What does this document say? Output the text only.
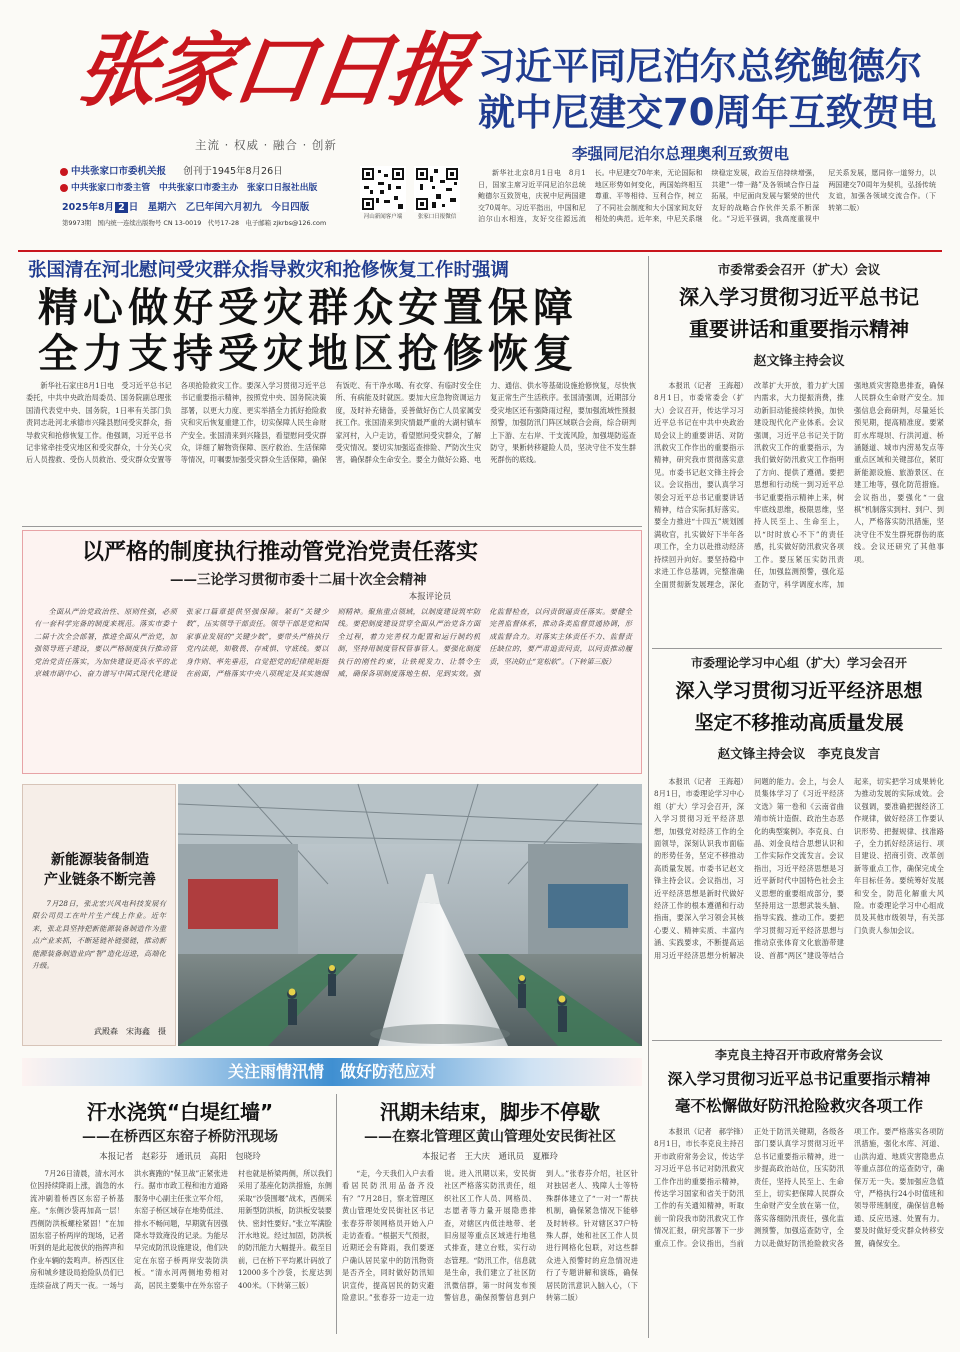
张家口日报
主流 · 权威 · 融合 · 创新
中共张家口市委机关报 创刊于1945年8月26日
中共张家口市委主管　中共张家口市委主办　张家口日报社出版
2025年8月 2 日　星期六　乙巳年闰六月初九　今日四版
第9973期　国内统一连续出版物号 CN 13-0019　代号17-28　电子邮箱 zjkrbs@126.com
河山新闻客户端	张家口日报微信
习近平同尼泊尔总统鲍德尔
就中尼建交70周年互致贺电
李强同尼泊尔总理奥利互致贺电

新华社北京8月1日电　8月1日，国家主席习近平同尼泊尔总统鲍德尔互致贺电，庆祝中尼两国建交70周年。习近平指出，中国和尼泊尔山水相连，友好交往源远流长。中尼建交70年来，无论国际和地区形势如何变化，两国始终相互尊重、平等相待、互利合作，树立了不同社会制度和大小国家间友好相处的典范。近年来，中尼关系继续稳定发展，政治互信持续增强，共建“一带一路”及各领域合作日益拓展，中尼面向发展与繁荣的世代友好的战略合作伙伴关系不断深化。“习近平强调，我高度重视中尼关系发展，愿同你一道努力，以两国建交70周年为契机，弘扬传统友谊，加强各领域交流合作。（下转第二版）

张国清在河北慰问受灾群众指导救灾和抢修恢复工作时强调
精心做好受灾群众安置保障
全力支持受灾地区抢修恢复

新华社石家庄8月1日电　受习近平总书记委托，中共中央政治局委员、国务院副总理张国清代表党中央、国务院，1日率有关部门负责同志赴河北承德市兴隆县慰问受灾群众，指导救灾和抢修恢复工作。他强调，习近平总书记非常牵挂受灾地区和受灾群众，十分关心灾后人员搜救、受伤人员救治、受灾群众安置等各项抢险救灾工作。要深入学习贯彻习近平总书记重要指示精神，按照党中央、国务院决策部署，以更大力度、更实举措全力抓好抢险救灾和灾后恢复重建工作，切实保障人民生命财产安全。张国清来到兴隆县，看望慰问受灾群众，详细了解物资保障、医疗救治、生活保障等情况，叮嘱要加强受灾群众生活保障，确保有饭吃、有干净水喝、有衣穿、有临时安全住所、有病能及时就医。要加大应急物资调运力度，及时补充储备，妥善做好伤亡人员家属安抚工作。张国清来到灾情最严重的大湖村镇车家河村，入户走访，看望慰问受灾群众，了解受灾情况。要切实加强巡查排险、严防次生灾害，确保群众生命安全。要全力做好公路、电力、通信、供水等基础设施抢修恢复，尽快恢复正常生产生活秩序。张国清强调，近期部分受灾地区还有强降雨过程，要加强流域性预报预警，加强防汛门阵区域联合会商，综合研判上下游、左右岸、干支流风险，加强堤防巡查防守，果断转移避险人员，坚决守住不发生群死群伤的底线。

以严格的制度执行推动管党治党责任落实
——三论学习贯彻市委十二届十次全会精神
本报评论员

全面从严治党政治性、原则性强，必须有一套科学完备的制度来规范。落实市委十二届十次全会部署，推进全面从严治党，加强领导班子建设，要以严格制度执行推动管党治党责任落实，为加快建设更高水平的北京城市副中心、奋力谱写中国式现代化建设张家口篇章提供坚强保障。紧盯“关键少数”，压实领导干部责任。领导干部是党和国家事业发展的“关键少数”，要带头严格执行党内法规，知敬畏、存戒惧、守底线。要以身作则、率先垂范，自觉把党的纪律规矩挺在前面，严格落实中央八项规定及其实施细则精神。聚焦重点领域，以制度建设筑牢防线。要把制度建设贯穿全面从严治党各方面全过程，着力完善权力配置和运行制约机制，坚持用制度管权管事管人。要强化制度执行的刚性约束，让铁规发力、让禁令生威，确保各项制度落地生根、见到实效。强化监督检查，以问责倒逼责任落实。要健全完善监督体系，推动各类监督贯通协调，形成监督合力。对落实主体责任不力、监督责任缺位的，要严肃追责问责，以问责推动履责，坚决防止“宽松软”。（下转第三版）

新能源装备制造
产业链条不断完善

7月28日，张北宏兴风电科技发展有限公司员工在叶片生产线上作业。近年来，张北县坚持把新能源装备制造作为重点产业来抓，不断延链补链强链，推动新能源装备制造业向“智”造化迈进，高端化升级。

武殿森　宋海鑫　摄
关注雨情汛情　做好防范应对
汗水浇筑“白堤红墙”
——在桥西区东窑子桥防汛现场
本报记者　赵彩芬　通讯员　高阳　包晓玲

7月26日清晨，清水河水位因持续降雨上涨，湍急的水流冲刷着桥西区东窑子桥基座。“东侧沙袋再加高一层！西侧防洪板螺栓紧固！”在加固东窑子桥两岸的现场，记者听到的是此起彼伏的指挥声和作业车辆的轰鸣声。桥西区住房和城乡建设局抢险队员们已连续奋战了两天一夜。一场与洪水赛跑的“保卫战”正紧张进行。据市市政工程和池方道路服务中心副主任张立军介绍，东窑子桥区域存在地势低洼、排水不畅问题，早期就有因强降水导致淹没的记录。为能尽早完成防汛设施建设，他们决定在东窑子桥两岸安装防洪板。“清水河两侧地势相对高，居民主要集中在外东窑子村也就是桥梁两侧，所以我们采用了基座化防洪措施，东侧采取“沙袋围堰”战术，西侧采用新型防洪板，防洪板安装要快、密封性要好。”张立军满脸汗水地说。经过加固，防洪板的防汛能力大幅提升。截至目前，已在桥下平均累计码放了12000多个沙袋，长度达到400米。（下转第三版）

汛期未结束，脚步不停歇
——在察北管理区黄山管理处安民街社区
本报记者　王大庆　通讯员　夏雁玲

“走，今天我们入户去看看居民防汛用品备齐没有？”7月28日，察北管理区黄山管理处安民街社区书记张春芬带领网格员开始入户走访查看。“根据天气预报，近期还会有降雨，我们要逐户确认居民家中的防汛物资是否齐全，同时做好防汛知识宣传，提高居民的防灾避险意识。”张春芬一边走一边说。进入汛期以来，安民街社区严格落实防汛责任，组织社区工作人员、网格员、志愿者等力量开展隐患排查，对辖区内低洼地带、老旧房屋等重点区域进行地毯式排查，建立台账，实行动态管理。“防汛工作，信息就是生命，我们建立了社区防汛微信群，第一时间发布预警信息，确保预警信息到户到人。”张春芬介绍，社区针对独居老人、残障人士等特殊群体建立了“一对一”帮扶机制，确保紧急情况下能够及时转移。针对辖区37户特殊人群，她和社区工作人员进行网格化包联，对这些群众进入预警时的应急情况进行了专题讲解和演练，确保居民防汛意识入脑入心，（下转第二版）

市委常委会召开（扩大）会议
深入学习贯彻习近平总书记
重要讲话和重要指示精神
赵文锋主持会议

本报讯（记者　王海超）8月1日，市委常委会（扩大）会议召开，传达学习习近平总书记在中共中央政治局会议上的重要讲话、对防汛救灾工作作出的重要指示精神，研究我市贯彻落实意见。市委书记赵文锋主持会议。会议指出，要认真学习领会习近平总书记重要讲话精神，结合实际抓好落实。要全力推进“十四五”规划圆满收官，扎实做好下半年各项工作，全力以赴推动经济持续回升向好。要坚持稳中求进工作总基调，完整准确全面贯彻新发展理念，深化改革扩大开放，着力扩大国内需求，大力提振消费，推动新旧动能接续转换，加快建设现代化产业体系。会议强调，习近平总书记关于防汛救灾工作的重要指示，为我们做好防汛救灾工作指明了方向、提供了遵循。要把思想和行动统一到习近平总书记重要指示精神上来，树牢底线思维，极限思维，坚持人民至上、生命至上，以“时时放心不下”的责任感，扎实做好防汛救灾各项工作。要压紧压实防汛责任，加强监测预警，强化巡查防守，科学调度水库，加强地质灾害隐患排查，确保人民群众生命财产安全。加强信息会商研判，尽量延长预见期，提高精准度。要紧盯水库堤坝、行洪河道、桥涵隧道、城市内涝易发点等重点区域和关键部位，紧盯新能源设施、旅游景区、在建工地等，强化防范措施。会议指出，要强化“一盘棋”机制落实到村、到户、到人，严格落实防汛措施，坚决守住不发生群死群伤的底线。会议还研究了其他事项。

市委理论学习中心组（扩大）学习会召开
深入学习贯彻习近平经济思想
坚定不移推动高质量发展
赵文锋主持会议　李克良发言

本报讯（记者　王海超）8月1日，市委理论学习中心组（扩大）学习会召开，深入学习贯彻习近平经济思想，加强党对经济工作的全面领导，深刻认识我市面临的形势任务，坚定不移推动高质量发展。市委书记赵文锋主持会议。会议指出，习近平经济思想是新时代做好经济工作的根本遵循和行动指南，要深入学习领会其核心要义、精神实质、丰富内涵、实践要求，不断提高运用习近平经济思想分析解决问题的能力。会上，与会人员集体学习了《习近平经济文选》第一卷和《云南省曲靖市统计造假、政治生态恶化的典型案例》。李克良、白晶、刘金良结合思想认识和工作实际作交流发言。会议指出，习近平经济思想是习近平新时代中国特色社会主义思想的重要组成部分，要坚持用这一思想武装头脑、指导实践、推动工作。要把学习贯彻习近平经济思想与推动京张体育文化旅游带建设、首都“两区”建设等结合起来，切实把学习成果转化为推动发展的实际成效。会议强调，要准确把握经济工作规律，做好经济工作要认识形势、把握规律、找准路子，全力抓好经济运行、项目建设、招商引资、改革创新等重点工作，确保完成全年目标任务。要统筹好发展和安全，防范化解重大风险。市委理论学习中心组成员及其他市级领导，有关部门负责人参加会议。

李克良主持召开市政府常务会议
深入学习贯彻习近平总书记重要指示精神
毫不松懈做好防汛抢险救灾各项工作

本报讯（记者　郝学锋）8月1日，市长李克良主持召开市政府常务会议，传达学习习近平总书记对防汛救灾工作作出的重要指示精神，传达学习国家和省关于防汛工作的有关通知精神，听取前一阶段我市防汛救灾工作情况汇报，研究部署下一步重点工作。会议指出，当前正处于防汛关键期，各级各部门要认真学习贯彻习近平总书记重要指示精神，进一步提高政治站位，压实防汛责任，坚持人民至上、生命至上，切实把保障人民群众生命财产安全放在第一位，落实落细防汛责任，强化监测预警，加强巡查防守，全力以赴做好防汛抢险救灾各项工作。要严格落实各项防汛措施，强化水库、河道、山洪沟道、地质灾害隐患点等重点部位的巡查防守，确保万无一失。要加强应急值守，严格执行24小时值班和领导带班制度，确保信息畅通、反应迅速、处置有力。要及时做好受灾群众转移安置，确保安全。
